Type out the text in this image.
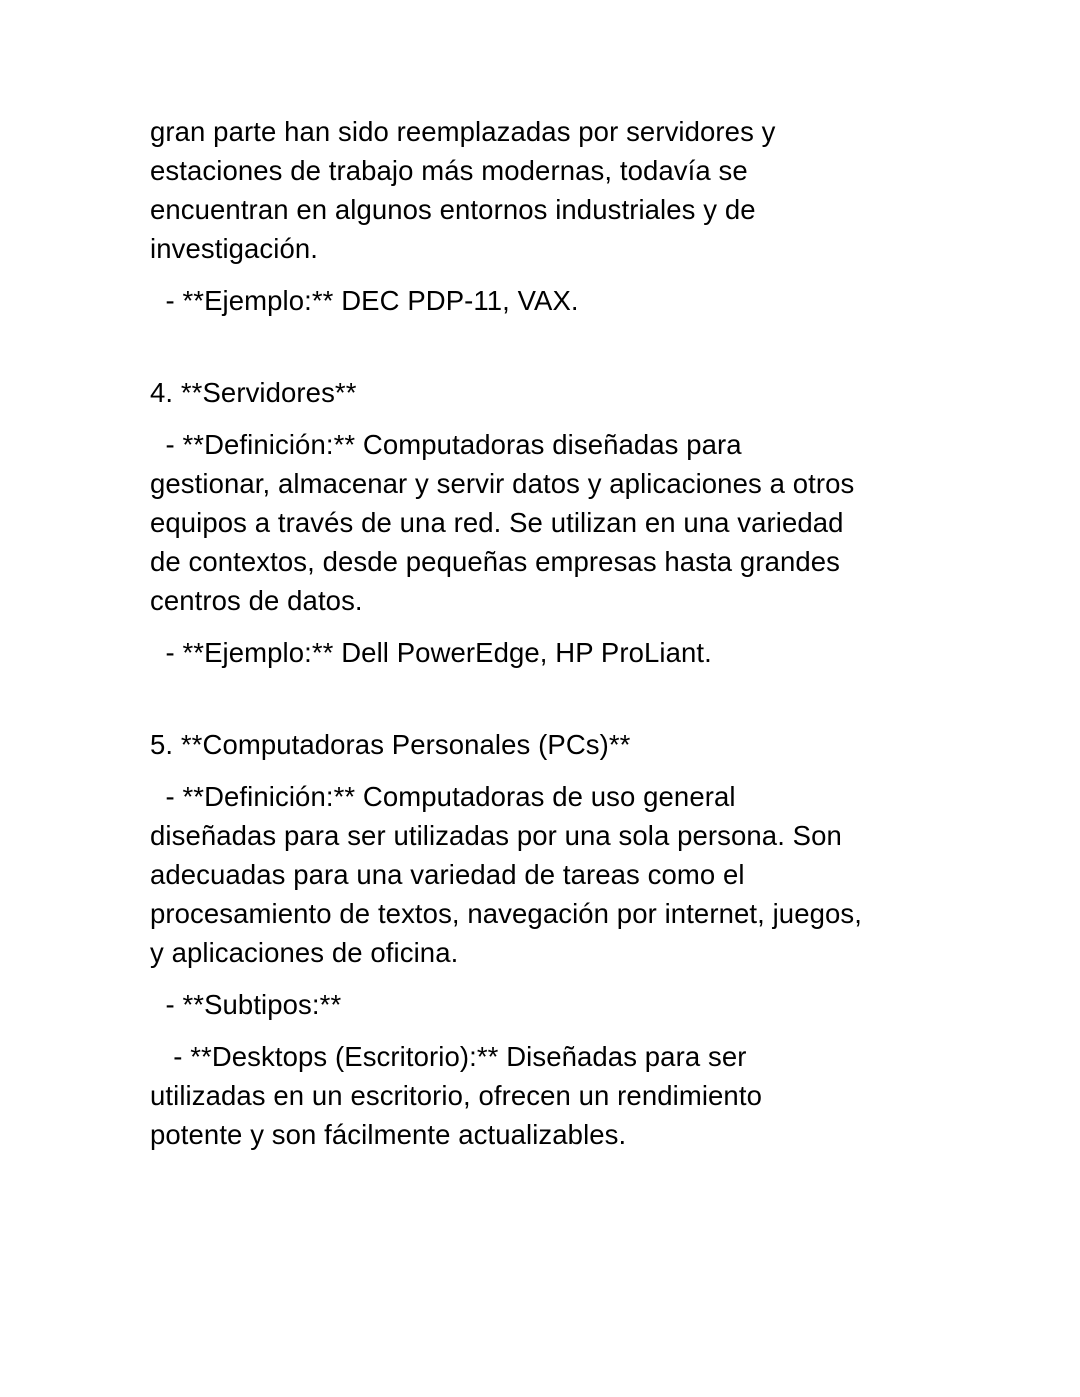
gran parte han sido reemplazadas por servidores y
estaciones de trabajo más modernas, todavía se
encuentran en algunos entornos industriales y de
investigación.
- **Ejemplo:** DEC PDP-11, VAX.
4. **Servidores**
- **Definición:** Computadoras diseñadas para
gestionar, almacenar y servir datos y aplicaciones a otros
equipos a través de una red. Se utilizan en una variedad
de contextos, desde pequeñas empresas hasta grandes
centros de datos.
- **Ejemplo:** Dell PowerEdge, HP ProLiant.
5. **Computadoras Personales (PCs)**
- **Definición:** Computadoras de uso general
diseñadas para ser utilizadas por una sola persona. Son
adecuadas para una variedad de tareas como el
procesamiento de textos, navegación por internet, juegos,
y aplicaciones de oficina.
- **Subtipos:**
- **Desktops (Escritorio):** Diseñadas para ser
utilizadas en un escritorio, ofrecen un rendimiento
potente y son fácilmente actualizables.
